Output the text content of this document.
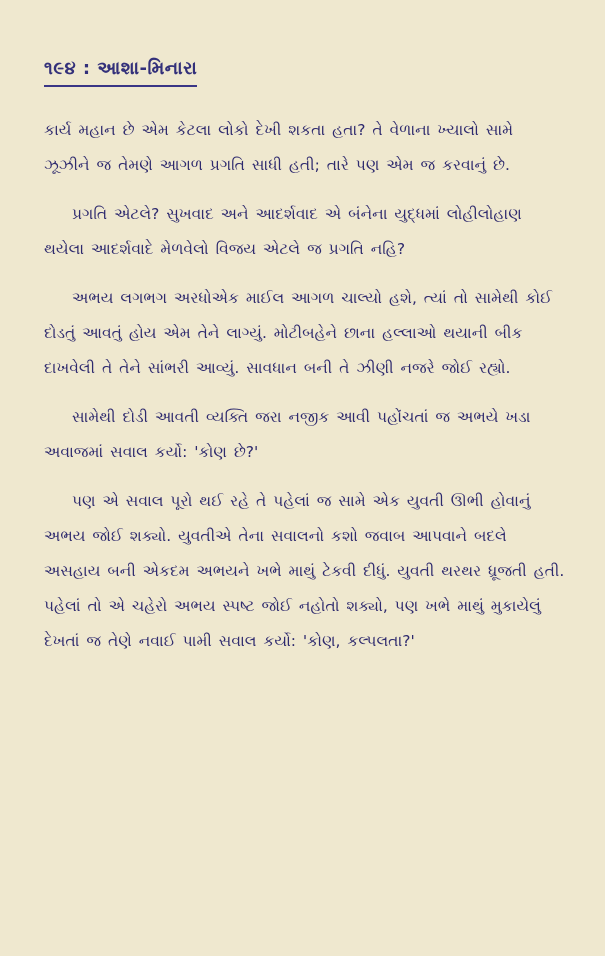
૧૯૪ : આશા-મિનારા

કાર્ય મહાન છે એમ કેટલા લોકો દેખી શકતા હતા? તે વેળાના ખ્યાલો સામે ઝૂઝીને જ તેમણે આગળ પ્રગતિ સાધી હતી; તારે પણ એમ જ કરવાનું છે.

પ્રગતિ એટલે? સુખવાદ અને આદર્શવાદ એ બંનેના યુદ્ધમાં લોહીલોહાણ થયેલા આદર્શવાદે મેળવેલો વિજય એટલે જ પ્રગતિ નહિ?

અભય લગભગ અરધોએક માઈલ આગળ ચાલ્યો હશે, ત્યાં તો સામેથી કોઈ દોડતું આવતું હોય એમ તેને લાગ્યું. મોટીબહેને છાના હલ્લાઓ થયાની બીક દાખવેલી તે તેને સાંભરી આવ્યું. સાવધાન બની તે ઝીણી નજરે જોઈ રહ્યો.

સામેથી દોડી આવતી વ્યક્તિ જરા નજીક આવી પહોંચતાં જ અભયે ખડા અવાજમાં સવાલ કર્યો: 'કોણ છે?'

પણ એ સવાલ પૂરો થઈ રહે તે પહેલાં જ સામે એક યુવતી ઊભી હોવાનું અભય જોઈ શક્યો. યુવતીએ તેના સવાલનો કશો જવાબ આપવાને બદલે અસહાય બની એકદમ અભયને ખભે માથું ટેકવી દીધું. યુવતી થરથર ધ્રૂજતી હતી. પહેલાં તો એ ચહેરો અભય સ્પષ્ટ જોઈ નહોતો શક્યો, પણ ખભે માથું મુકાયેલું દેખતાં જ તેણે નવાઈ પામી સવાલ કર્યો: 'કોણ, કલ્પલતા?'
